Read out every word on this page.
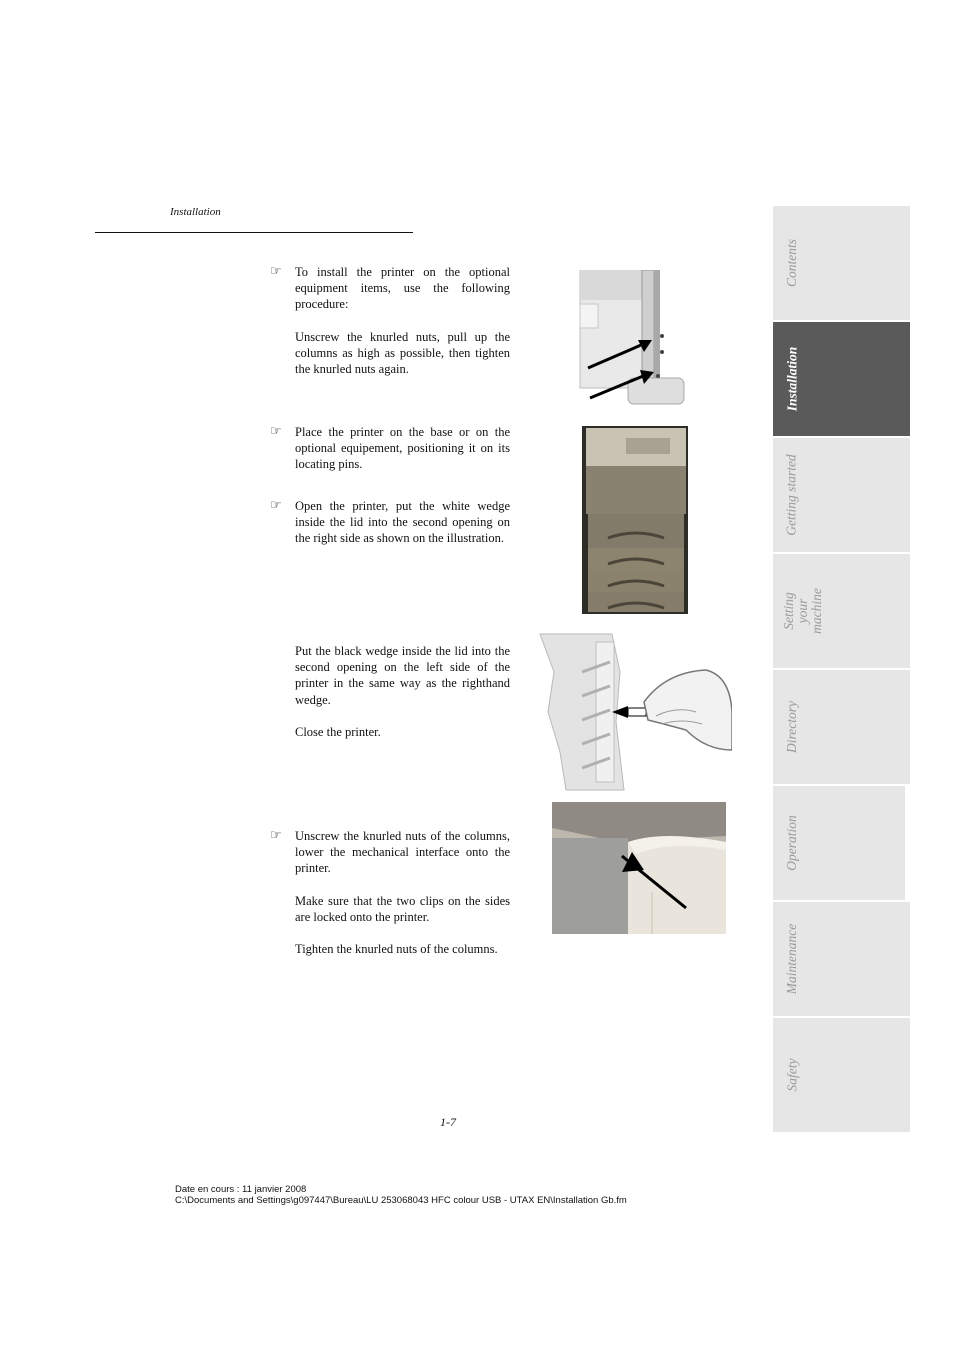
Installation
☞ To install the printer on the optional equipment items, use the following procedure:

Unscrew the knurled nuts, pull up the columns as high as possible, then tighten the knurled nuts again.

☞ Place the printer on the base or on the optional equipement, positioning it on its locating pins.

☞ Open the printer, put the white wedge inside the lid into the second opening on the right side as shown on the illustration.

Put the black wedge inside the lid into the second opening on the left side of the printer in the same way as the righthand wedge.

Close the printer.

☞ Unscrew the knurled nuts of the columns, lower the mechanical interface onto the printer.

Make sure that the two clips on the sides are locked onto the printer.

Tighten the knurled nuts of the columns.

1-7
Date en cours : 11 janvier 2008
C:\Documents and Settings\g097447\Bureau\LU 253068043 HFC colour USB - UTAX EN\Installation Gb.fm
Contents
Installation
Getting started
Setting your machine
Directory
Operation
Maintenance
Safety
